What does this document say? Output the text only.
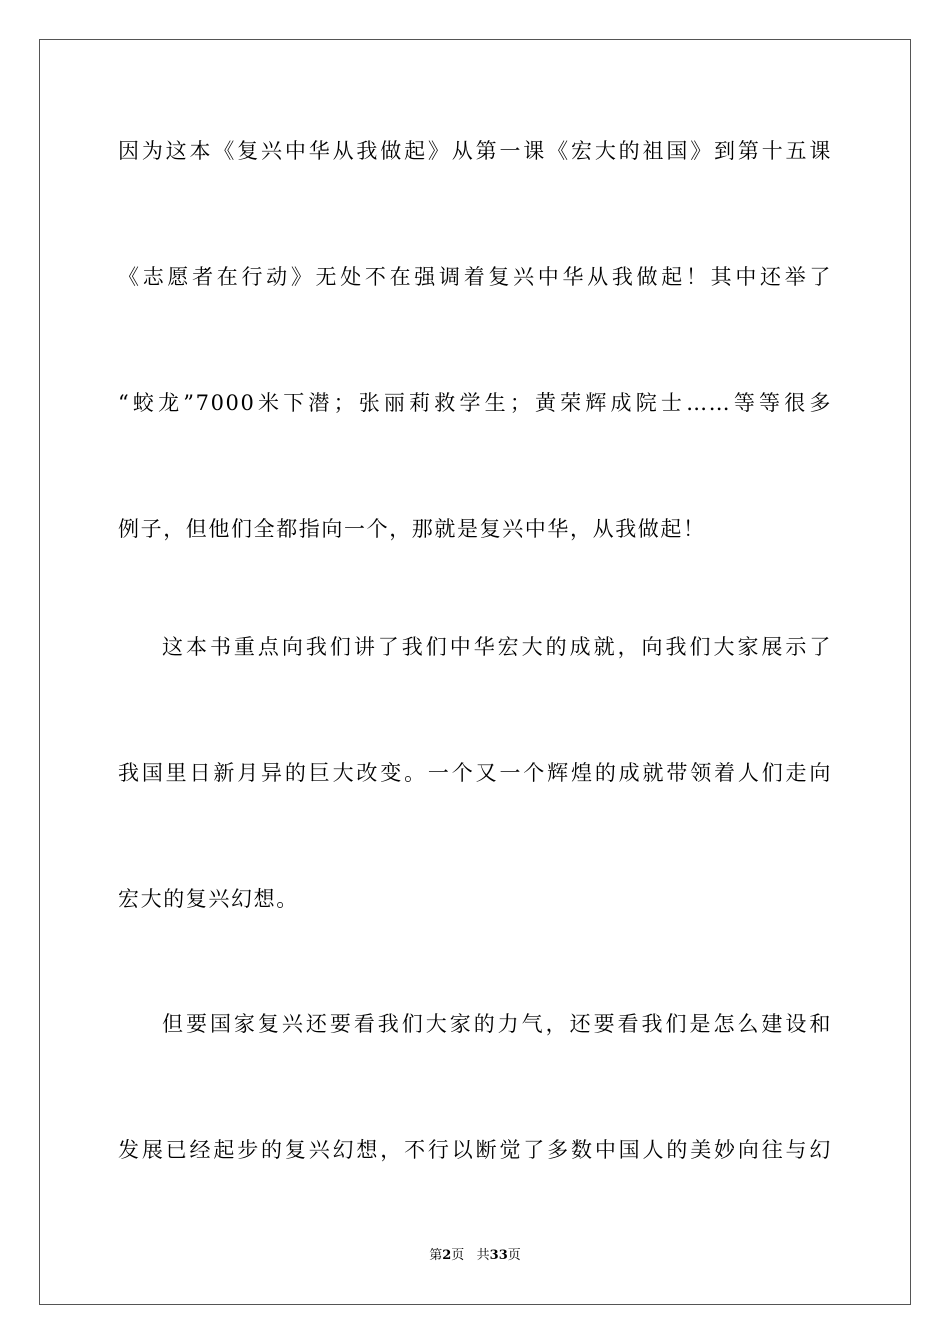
因为这本《复兴中华从我做起》从第一课《宏大的祖国》到第十五课
《志愿者在行动》无处不在强调着复兴中华从我做起！其中还举了
“蛟龙”7000米下潜；张丽莉救学生；黄荣辉成院士……等等很多
例子，但他们全都指向一个，那就是复兴中华，从我做起！
这本书重点向我们讲了我们中华宏大的成就，向我们大家展示了
我国里日新月异的巨大改变。一个又一个辉煌的成就带领着人们走向
宏大的复兴幻想。
但要国家复兴还要看我们大家的力气，还要看我们是怎么建设和
发展已经起步的复兴幻想，不行以断觉了多数中国人的美妙向往与幻
第2页   共33页
